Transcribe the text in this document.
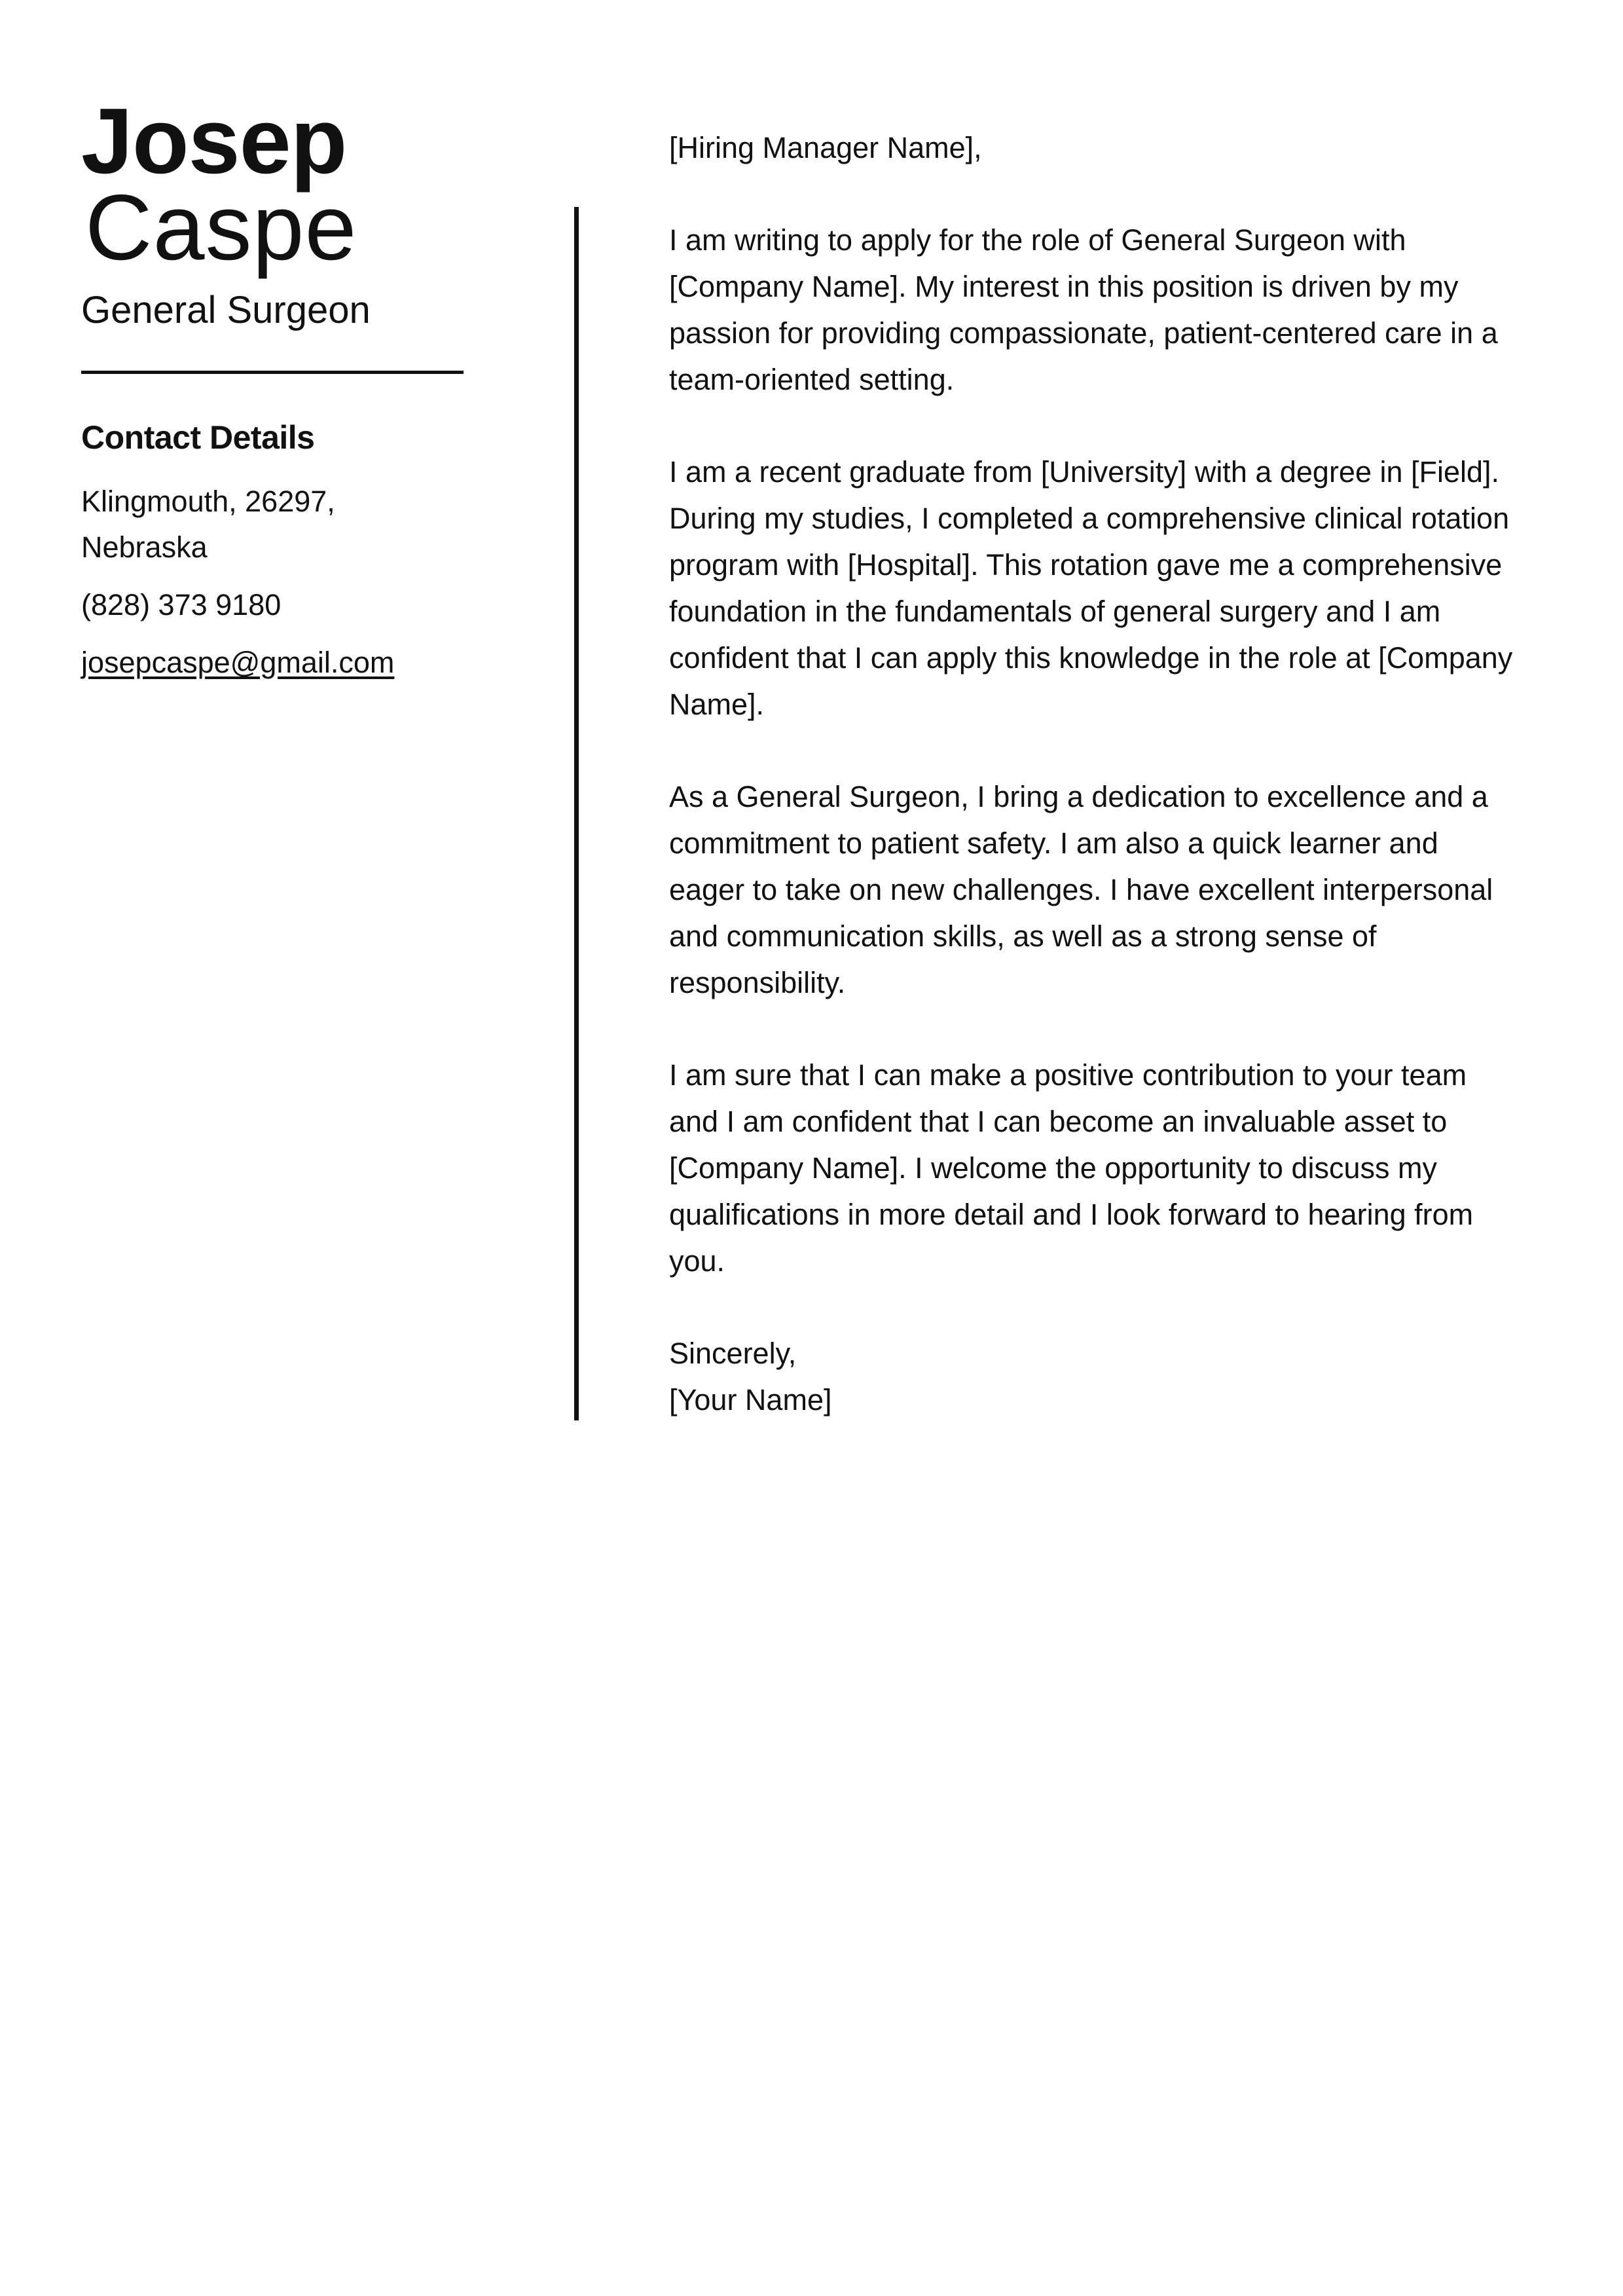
Josep
Caspe
General Surgeon
Contact Details
Klingmouth, 26297, Nebraska
(828) 373 9180
josepcaspe@gmail.com

[Hiring Manager Name],

I am writing to apply for the role of General Surgeon with [Company Name]. My interest in this position is driven by my passion for providing compassionate, patient-centered care in a team-oriented setting.

I am a recent graduate from [University] with a degree in [Field]. During my studies, I completed a comprehensive clinical rotation program with [Hospital]. This rotation gave me a comprehensive foundation in the fundamentals of general surgery and I am confident that I can apply this knowledge in the role at [Company Name].

As a General Surgeon, I bring a dedication to excellence and a commitment to patient safety. I am also a quick learner and eager to take on new challenges. I have excellent interpersonal and communication skills, as well as a strong sense of responsibility.

I am sure that I can make a positive contribution to your team and I am confident that I can become an invaluable asset to [Company Name]. I welcome the opportunity to discuss my qualifications in more detail and I look forward to hearing from you.

Sincerely,

[Your Name]
